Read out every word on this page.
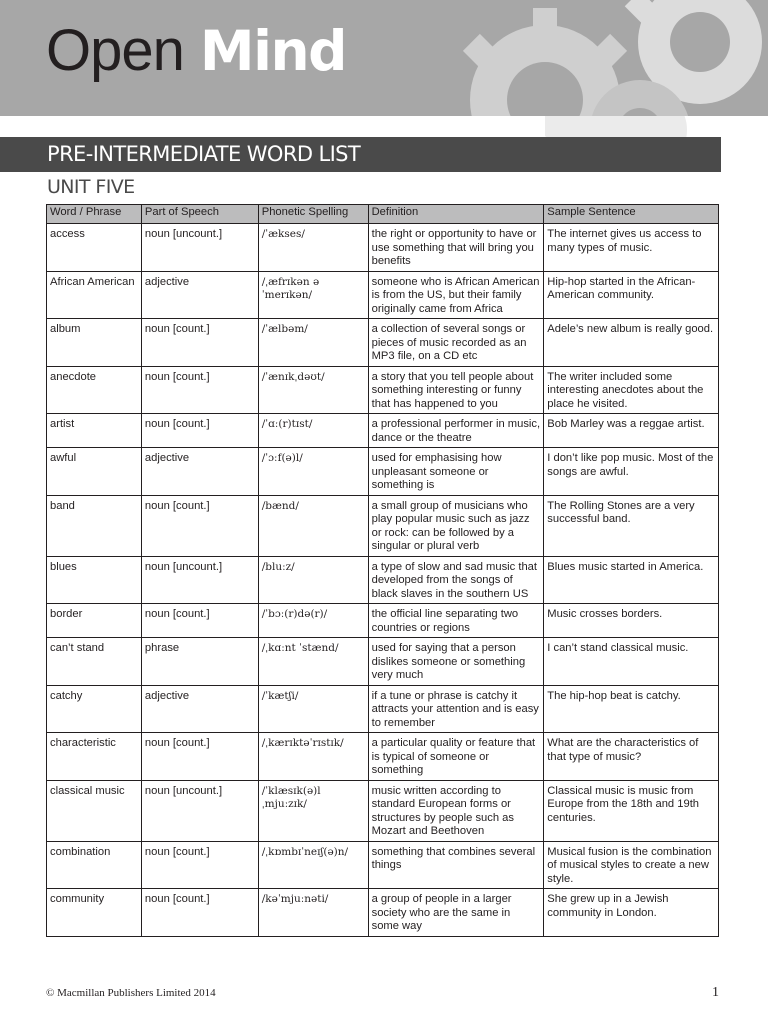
Open Mind
PRE-INTERMEDIATE WORD LIST
UNIT FIVE
Word / Phrase	Part of Speech	Phonetic Spelling	Definition	Sample Sentence
access	noun [uncount.]	/ˈækses/	the right or opportunity to have or use something that will bring you benefits	The internet gives us access to many types of music.
African American	adjective	/ˌæfrɪkən əˈmerɪkən/	someone who is African American is from the US, but their family originally came from Africa	Hip-hop started in the African-American community.
album	noun [count.]	/ˈælbəm/	a collection of several songs or pieces of music recorded as an MP3 file, on a CD etc	Adele’s new album is really good.
anecdote	noun [count.]	/ˈænɪkˌdəʊt/	a story that you tell people about something interesting or funny that has happened to you	The writer included some interesting anecdotes about the place he visited.
artist	noun [count.]	/ˈɑː(r)tɪst/	a professional performer in music, dance or the theatre	Bob Marley was a reggae artist.
awful	adjective	/ˈɔːf(ə)l/	used for emphasising how unpleasant someone or something is	I don’t like pop music. Most of the songs are awful.
band	noun [count.]	/bænd/	a small group of musicians who play popular music such as jazz or rock: can be followed by a singular or plural verb	The Rolling Stones are a very successful band.
blues	noun [uncount.]	/bluːz/	a type of slow and sad music that developed from the songs of black slaves in the southern US	Blues music started in America.
border	noun [count.]	/ˈbɔː(r)də(r)/	the official line separating two countries or regions	Music crosses borders.
can’t stand	phrase	/ˌkɑːnt ˈstænd/	used for saying that a person dislikes someone or something very much	I can’t stand classical music.
catchy	adjective	/ˈkætʃi/	if a tune or phrase is catchy it attracts your attention and is easy to remember	The hip-hop beat is catchy.
characteristic	noun [count.]	/ˌkærɪktəˈrɪstɪk/	a particular quality or feature that is typical of someone or something	What are the characteristics of that type of music?
classical music	noun [uncount.]	/ˈklæsɪk(ə)l ˌmjuːzɪk/	music written according to standard European forms or structures by people such as Mozart and Beethoven	Classical music is music from Europe from the 18th and 19th centuries.
combination	noun [count.]	/ˌkɒmbɪˈneɪʃ(ə)n/	something that combines several things	Musical fusion is the combination of musical styles to create a new style.
community	noun [count.]	/kəˈmjuːnəti/	a group of people in a larger society who are the same in some way	She grew up in a Jewish community in London.
© Macmillan Publishers Limited 2014	1
